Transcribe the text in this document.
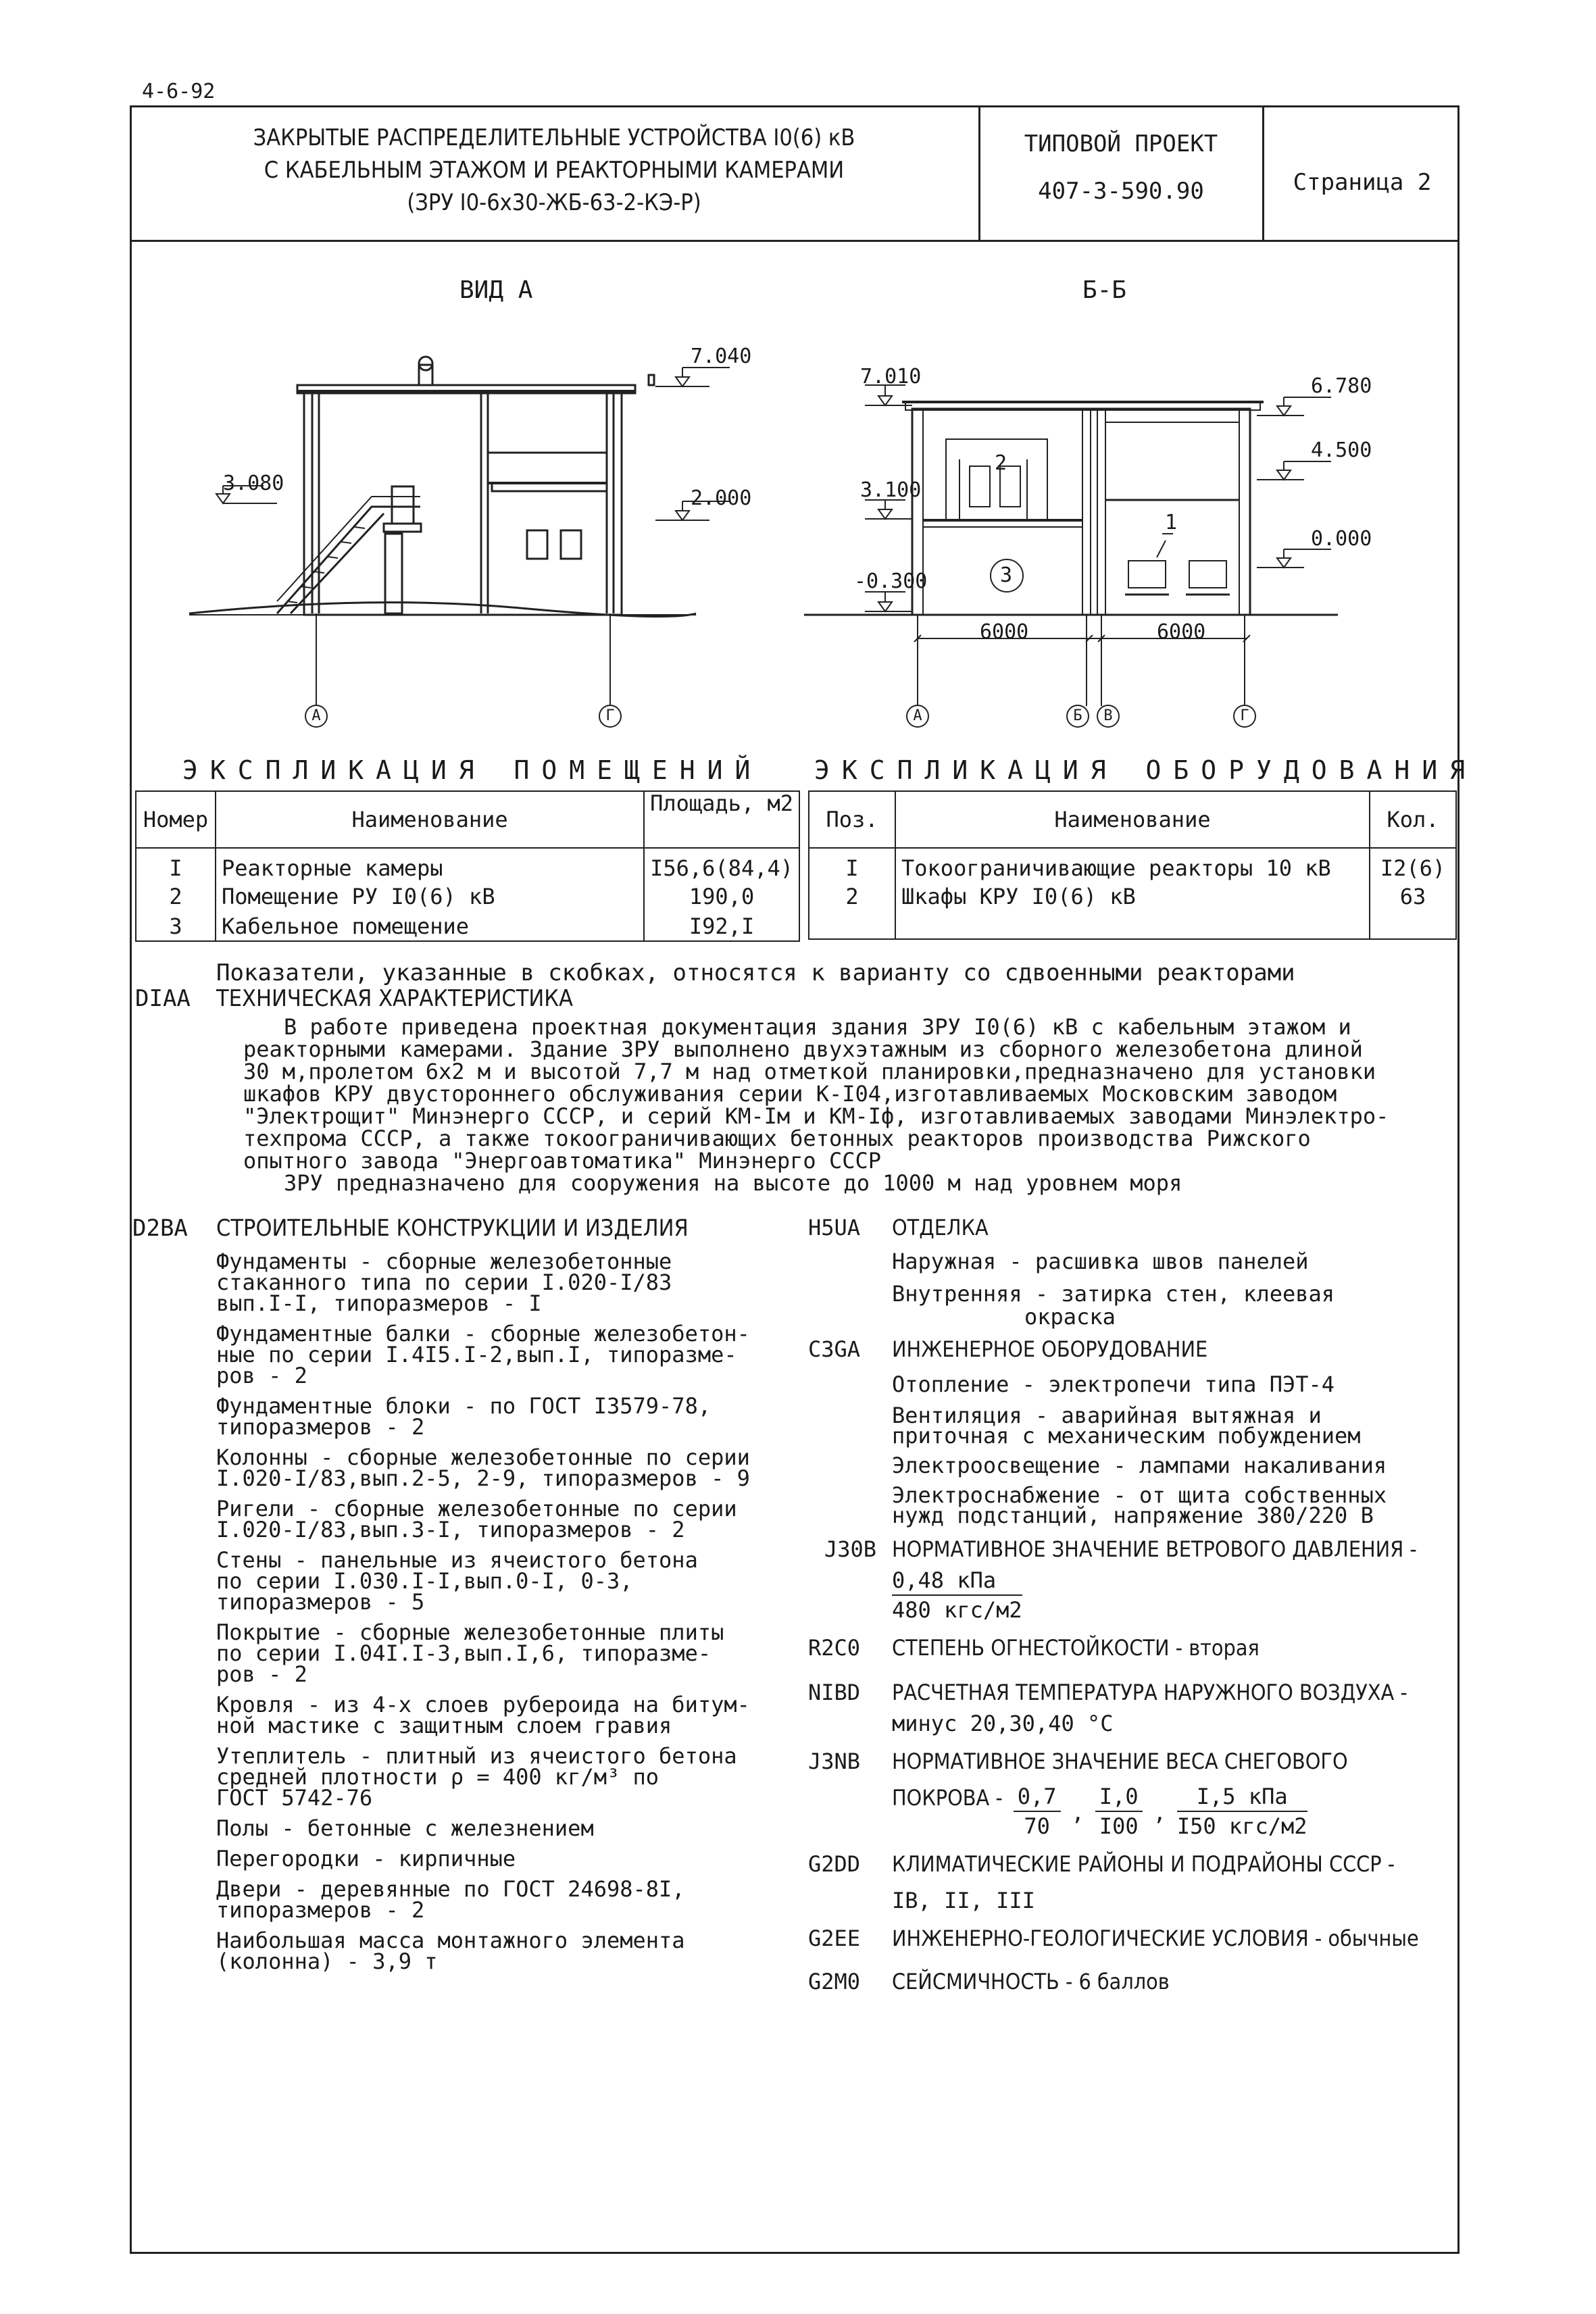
4-6-92
ЗАКРЫТЫЕ РАСПРЕДЕЛИТЕЛЬНЫЕ УСТРОЙСТВА I0(6) кВ
С КАБЕЛЬНЫМ ЭТАЖОМ И РЕАКТОРНЫМИ КАМЕРАМИ
(ЗРУ I0-6х30-ЖБ-63-2-КЭ-Р)
ТИПОВОЙ ПРОЕКТ
407-3-590.90	Страница 2
ВИД А	Б-Б
7.040
3.080
2.000
7.010
3.100
-0.300
6.780
4.500
0.000
6000	6000
1
2
3
А	Г	А	Б В	Г
ЭКСПЛИКАЦИЯ ПОМЕЩЕНИЙ ЭКСПЛИКАЦИЯ ОБОРУДОВАНИЯ
Номер	Наименование	Площадь, м2
I	Реакторные камеры	I56,6(84,4)
2	Помещение РУ I0(6) кВ	190,0
3	Кабельное помещение	I92,I
Поз.	Наименование	Кол.
I	Токоограничивающие реакторы 10 кВ	I2(6)
2	Шкафы КРУ I0(6) кВ	63
Показатели, указанные в скобках, относятся к варианту со сдвоенными реакторами
DIAA ТЕХНИЧЕСКАЯ ХАРАКТЕРИСТИКА
В работе приведена проектная документация здания ЗРУ I0(6) кВ с кабельным этажом и
реакторными камерами. Здание ЗРУ выполнено двухэтажным из сборного железобетона длиной
30 м,пролетом 6х2 м и высотой 7,7 м над отметкой планировки,предназначено для установки
шкафов КРУ двустороннего обслуживания серии К-I04,изготавливаемых Московским заводом
"Электрощит" Минэнерго СССР, и серий КМ-Iм и КМ-Iф, изготавливаемых заводами Минэлектро-
техпрома СССР, а также токоограничивающих бетонных реакторов производства Рижского
опытного завода "Энергоавтоматика" Минэнерго СССР
ЗРУ предназначено для сооружения на высоте до 1000 м над уровнем моря
D2BA СТРОИТЕЛЬНЫЕ КОНСТРУКЦИИ И ИЗДЕЛИЯ
Фундаменты - сборные железобетонные
стаканного типа по серии I.020-I/83
вып.I-I, типоразмеров - I
Фундаментные балки - сборные железобетон-
ные по серии I.4I5.I-2,вып.I, типоразме-
ров - 2
Фундаментные блоки - по ГОСТ I3579-78,
типоразмеров - 2
Колонны - сборные железобетонные по серии
I.020-I/83,вып.2-5, 2-9, типоразмеров - 9
Ригели - сборные железобетонные по серии
I.020-I/83,вып.3-I, типоразмеров - 2
Стены - панельные из ячеистого бетона
по серии I.030.I-I,вып.0-I, 0-3,
типоразмеров - 5
Покрытие - сборные железобетонные плиты
по серии I.04I.I-3,вып.I,6, типоразме-
ров - 2
Кровля - из 4-х слоев рубероида на битум-
ной мастике с защитным слоем гравия
Утеплитель - плитный из ячеистого бетона
средней плотности ρ = 400 кг/м³ по
ГОСТ 5742-76
Полы - бетонные с железнением
Перегородки - кирпичные
Двери - деревянные по ГОСТ 24698-8I,
типоразмеров - 2
Наибольшая масса монтажного элемента
(колонна) - 3,9 т
H5UA ОТДЕЛКА
Наружная - расшивка швов панелей
Внутренняя - затирка стен, клеевая
окраска
C3GA ИНЖЕНЕРНОЕ ОБОРУДОВАНИЕ
Отопление - электропечи типа ПЭТ-4
Вентиляция - аварийная вытяжная и
приточная с механическим побуждением
Электроосвещение - лампами накаливания
Электроснабжение - от щита собственных
нужд подстанций, напряжение 380/220 В
J30B НОРМАТИВНОЕ ЗНАЧЕНИЕ ВЕТРОВОГО ДАВЛЕНИЯ -
0,48 кПа
480 кгс/м2
R2C0 СТЕПЕНЬ ОГНЕСТОЙКОСТИ - вторая
NIBD РАСЧЕТНАЯ ТЕМПЕРАТУРА НАРУЖНОГО ВОЗДУХА -
минус 20,30,40 °С
J3NB НОРМАТИВНОЕ ЗНАЧЕНИЕ ВЕСА СНЕГОВОГО
ПОКРОВА - $\frac{0,7}{70}$ , $\frac{I,0}{I00}$ ,
I,5 кПа
I50 кгс/м2
G2DD КЛИМАТИЧЕСКИЕ РАЙОНЫ И ПОДРАЙОНЫ СССР -
IВ, II, III
G2EE ИНЖЕНЕРНО-ГЕОЛОГИЧЕСКИЕ УСЛОВИЯ - обычные
G2M0 СЕЙСМИЧНОСТЬ - 6 баллов
